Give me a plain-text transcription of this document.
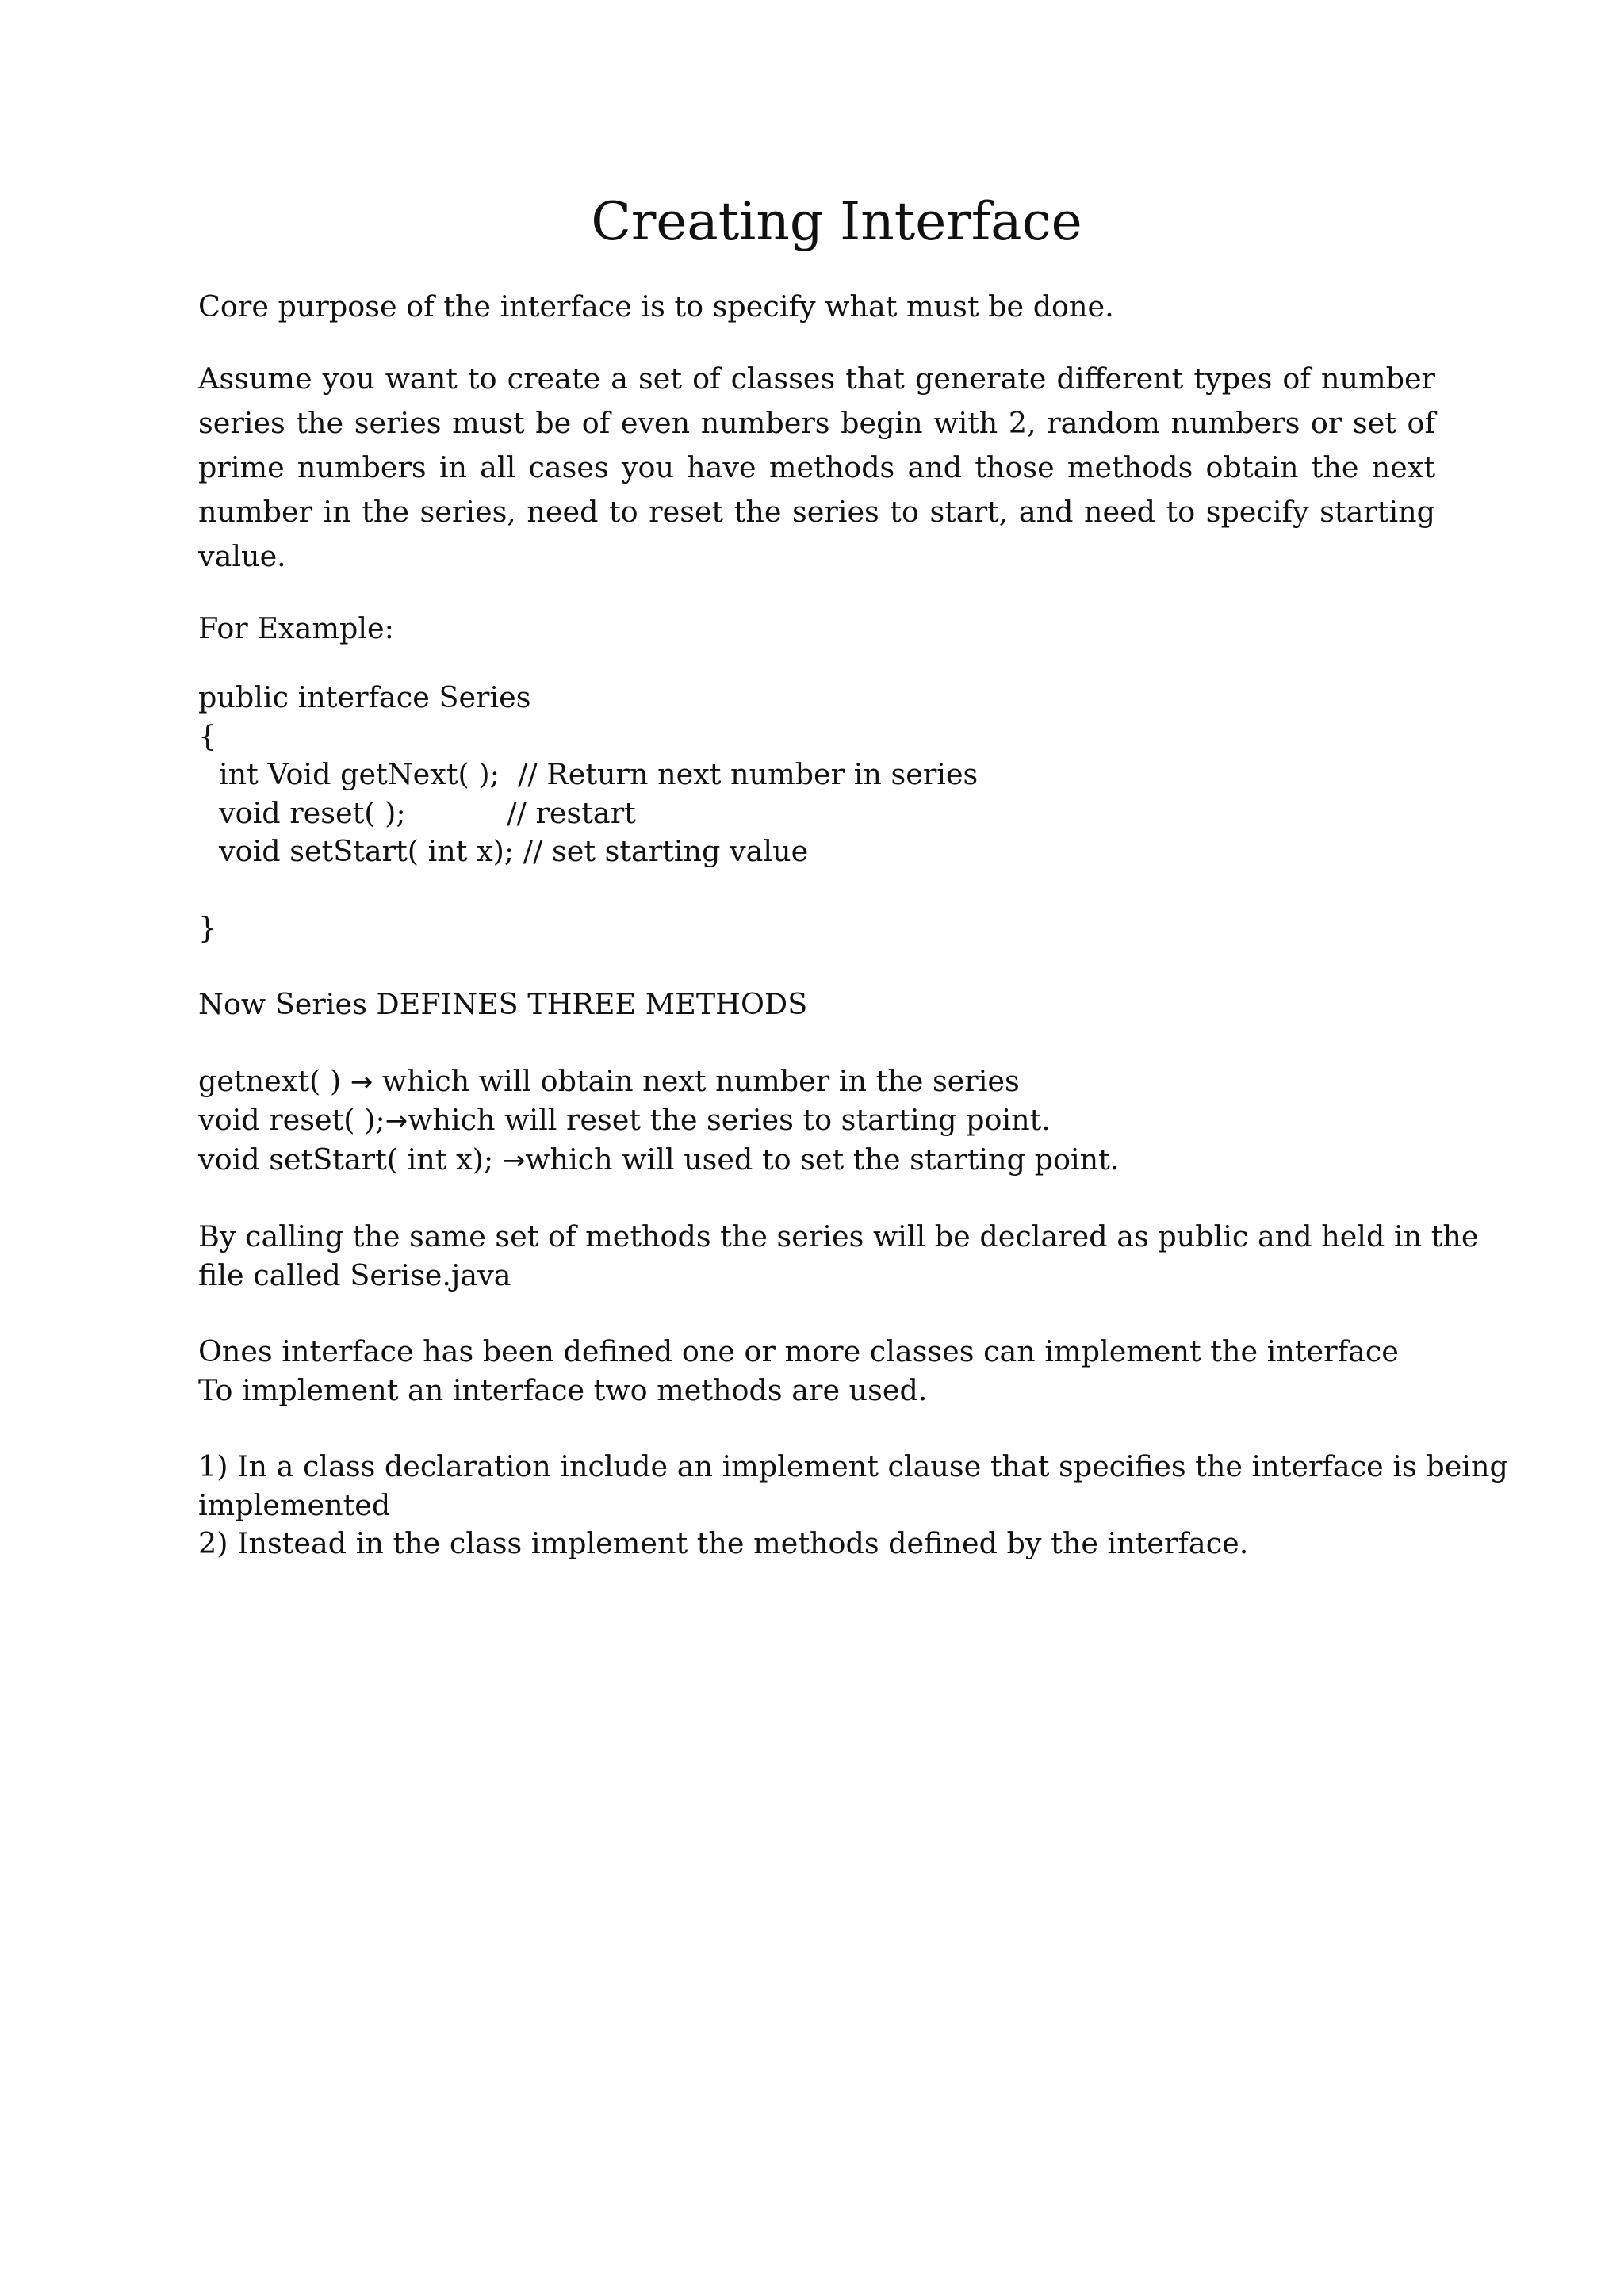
Creating Interface
Core purpose of the interface is to specify what must be done.
Assume you want to create a set of classes that generate different types of number series the series must be of even numbers begin with 2, random numbers or set of prime numbers in all cases you have methods and those methods obtain the next number in the series, need to reset the series to start, and need to specify starting value.
For Example:
public interface Series
{
int Void getNext( );  // Return next number in series
void reset( );           // restart
void setStart( int x); // set starting value
}
Now Series DEFINES THREE METHODS
getnext( ) → which will obtain next number in the series
void reset( );→which will reset the series to starting point.
void setStart( int x); →which will used to set the starting point.
By calling the same set of methods the series will be declared as public and held in the
file called Serise.java
Ones interface has been defined one or more classes can implement the interface
To implement an interface two methods are used.
1) In a class declaration include an implement clause that specifies the interface is being
implemented
2) Instead in the class implement the methods defined by the interface.
